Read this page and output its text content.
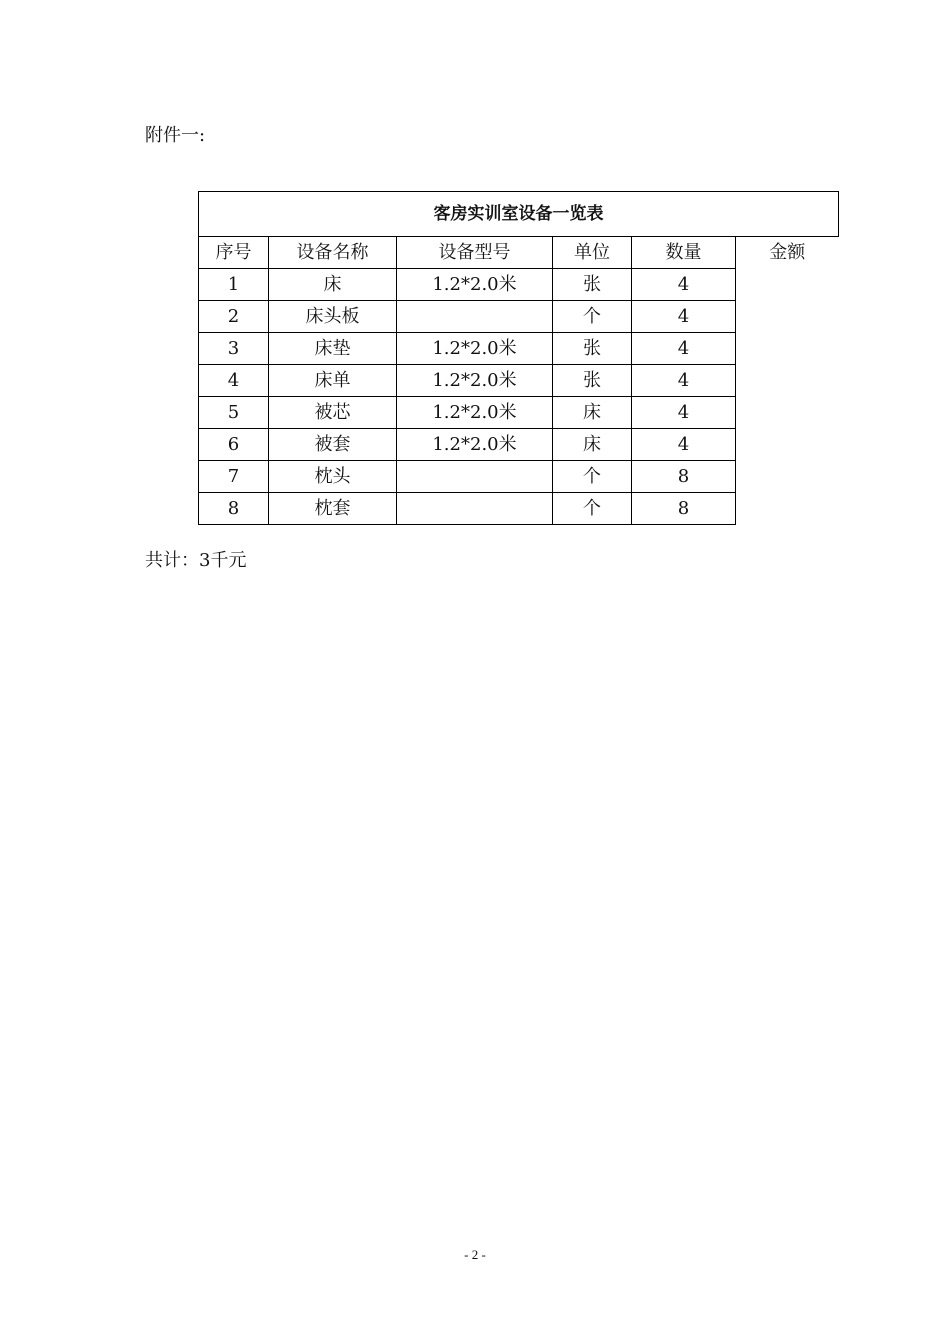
附件一:
客房实训室设备一览表					
序号	设备名称	设备型号	单位	数量	金额
1	床	1.2*2.0米	张	4	
2	床头板		个	4	
3	床垫	1.2*2.0米	张	4	
4	床单	1.2*2.0米	张	4	
5	被芯	1.2*2.0米	床	4	
6	被套	1.2*2.0米	床	4	
7	枕头		个	8	
8	枕套		个	8	
共计：3千元
- 2 -
